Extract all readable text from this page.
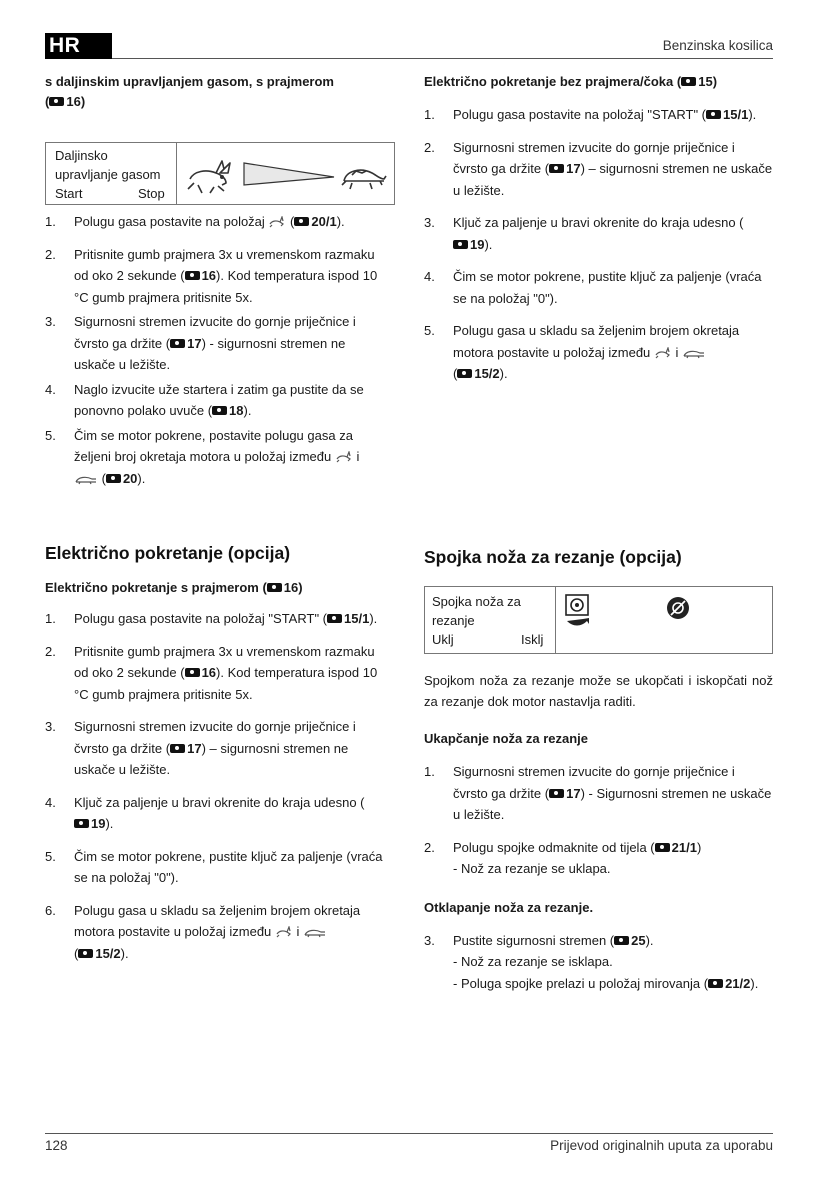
HR	Benzinska kosilica

s daljinskim upravljanjem gasom, s prajmerom
( 16)

Daljinsko
upravljanje gasom
Start	Stop
1. Polugu gasa postavite na položaj  ( 20/1).
2. Pritisnite gumb prajmera 3x u vremenskom razmaku od oko 2 sekunde ( 16). Kod temperatura ispod 10 °C gumb prajmera pritisnite 5x.
3. Sigurnosni stremen izvucite do gornje priječnice i čvrsto ga držite ( 17) - sigurnosni stremen ne uskače u ležište.
4. Naglo izvucite uže startera i zatim ga pustite da se ponovno polako uvuče ( 18).
5. Čim se motor pokrene, postavite polugu gasa za željeni broj okretaja motora u položaj između  i  ( 20).
Električno pokretanje (opcija)

Električno pokretanje s prajmerom ( 16)

1. Polugu gasa postavite na položaj "START" ( 15/1).
2. Pritisnite gumb prajmera 3x u vremenskom razmaku od oko 2 sekunde ( 16). Kod temperatura ispod 10 °C gumb prajmera pritisnite 5x.
3. Sigurnosni stremen izvucite do gornje priječnice i čvrsto ga držite ( 17) – sigurnosni stremen ne uskače u ležište.
4. Ključ za paljenje u bravi okrenite do kraja udesno (19).
5. Čim se motor pokrene, pustite ključ za paljenje (vraća se na položaj "0").
6. Polugu gasa u skladu sa željenim brojem okretaja motora postavite u položaj između  i
( 15/2).

Električno pokretanje bez prajmera/čoka ( 15)

1. Polugu gasa postavite na položaj "START" ( 15/1).
2. Sigurnosni stremen izvucite do gornje priječnice i čvrsto ga držite ( 17) – sigurnosni stremen ne uskače u ležište.
3. Ključ za paljenje u bravi okrenite do kraja udesno (19).
4. Čim se motor pokrene, pustite ključ za paljenje (vraća se na položaj "0").
5. Polugu gasa u skladu sa željenim brojem okretaja motora postavite u položaj između  i
( 15/2).
Spojka noža za rezanje (opcija)
Spojka noža za
rezanje
Uklj	Isklj

Spojkom noža za rezanje može se ukopčati i iskopčati nož za rezanje dok motor nastavlja raditi.

Ukapčanje noža za rezanje

1. Sigurnosni stremen izvucite do gornje priječnice i čvrsto ga držite ( 17) - Sigurnosni stremen ne uskače u ležište.
2. Polugu spojke odmaknite od tijela ( 21/1)
- Nož za rezanje se uklapa.

Otklapanje noža za rezanje.

3. Pustite sigurnosni stremen ( 25).
- Nož za rezanje se isklapa.
- Poluga spojke prelazi u položaj mirovanja ( 21/2).
128	Prijevod originalnih uputa za uporabu
